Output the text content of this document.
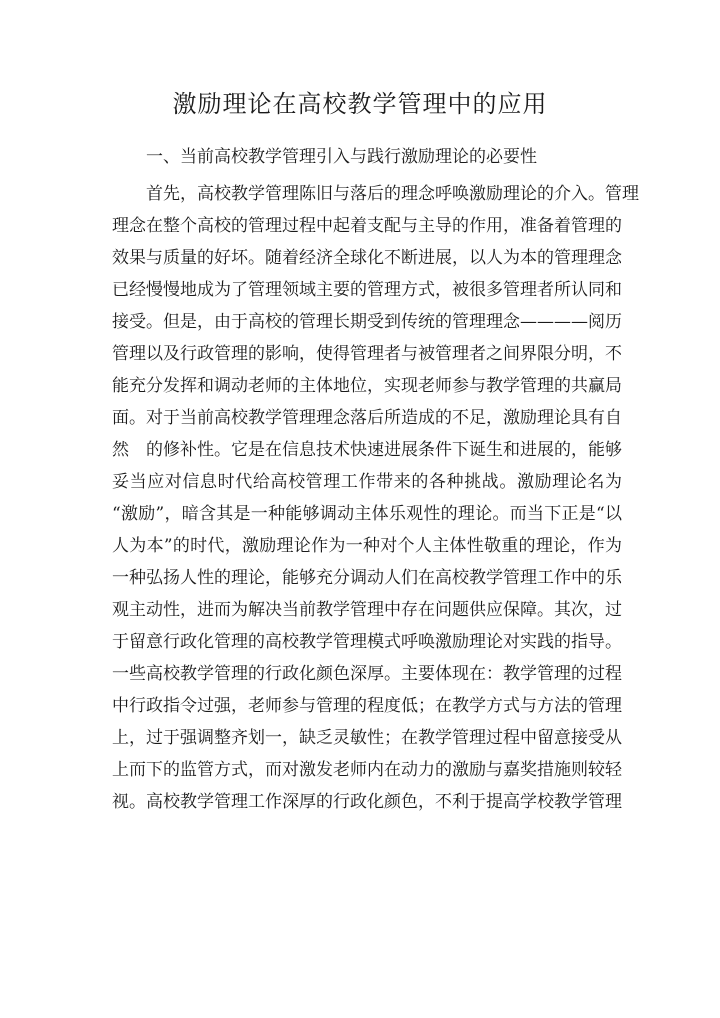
激励理论在高校教学管理中的应用

一、当前高校教学管理引入与践行激励理论的必要性

首先，高校教学管理陈旧与落后的理念呼唤激励理论的介入。管理
理念在整个高校的管理过程中起着支配与主导的作用，准备着管理的
效果与质量的好坏。随着经济全球化不断进展，以人为本的管理理念
已经慢慢地成为了管理领域主要的管理方式，被很多管理者所认同和
接受。但是，由于高校的管理长期受到传统的管理理念————阅历
管理以及行政管理的影响，使得管理者与被管理者之间界限分明，不
能充分发挥和调动老师的主体地位，实现老师参与教学管理的共赢局
面。对于当前高校教学管理理念落后所造成的不足，激励理论具有自
然　的修补性。它是在信息技术快速进展条件下诞生和进展的，能够
妥当应对信息时代给高校管理工作带来的各种挑战。激励理论名为
“激励”，暗含其是一种能够调动主体乐观性的理论。而当下正是“以
人为本”的时代，激励理论作为一种对个人主体性敬重的理论，作为
一种弘扬人性的理论，能够充分调动人们在高校教学管理工作中的乐
观主动性，进而为解决当前教学管理中存在问题供应保障。其次，过
于留意行政化管理的高校教学管理模式呼唤激励理论对实践的指导。
一些高校教学管理的行政化颜色深厚。主要体现在：教学管理的过程
中行政指令过强，老师参与管理的程度低；在教学方式与方法的管理
上，过于强调整齐划一，缺乏灵敏性；在教学管理过程中留意接受从
上而下的监管方式，而对激发老师内在动力的激励与嘉奖措施则较轻
视。高校教学管理工作深厚的行政化颜色，不利于提高学校教学管理
